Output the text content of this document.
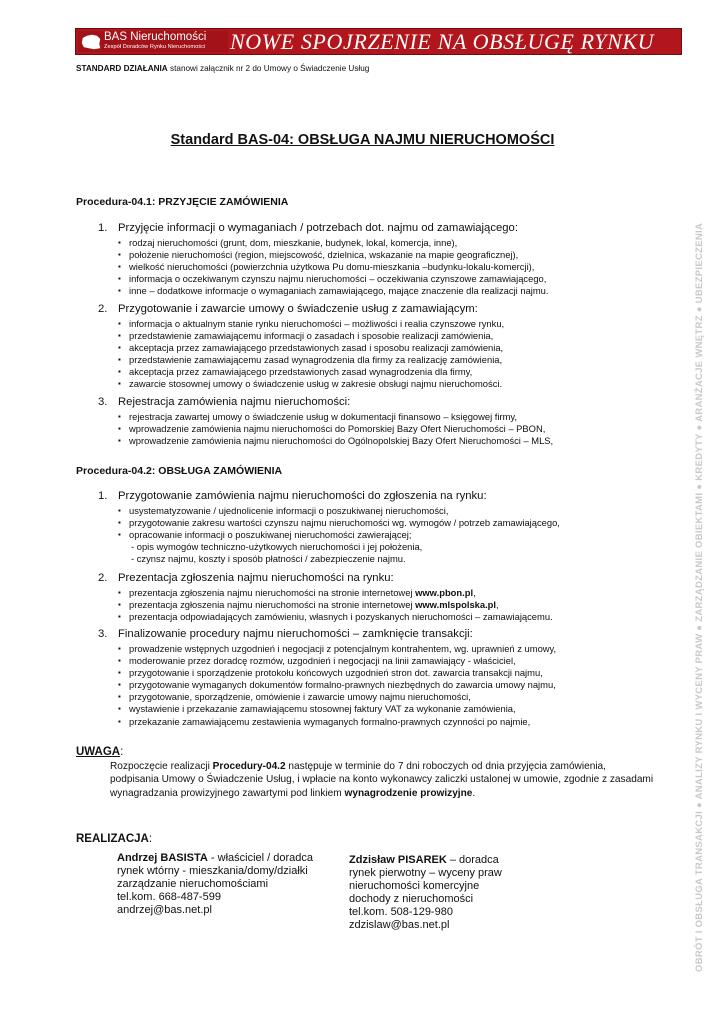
BAS Nieruchomości
Zespół Doradców Rynku Nieruchomości NOWE SPOJRZENIE NA OBSŁUGĘ RYNKU
STANDARD DZIAŁANIA stanowi załącznik nr 2 do Umowy o Świadczenie Usług
OBRÓT I OBSŁUGA TRANSAKCJI ● ANALIZY RYNKU I WYCENY PRAW ● ZARZĄDZANIE OBIEKTAMI ● KREDYTY ● ARANŻACJE WNĘTRZ ● UBEZPIECZENIA
Standard BAS-04: OBSŁUGA NAJMU NIERUCHOMOŚCI
Procedura-04.1: PRZYJĘCIE ZAMÓWIENIA
1. Przyjęcie informacji o wymaganiach / potrzebach dot. najmu od zamawiającego:
▪ rodzaj nieruchomości (grunt, dom, mieszkanie, budynek, lokal, komercja, inne),
▪ położenie nieruchomości (region, miejscowość, dzielnica, wskazanie na mapie geograficznej),
▪ wielkość nieruchomości (powierzchnia użytkowa Pu domu-mieszkania –budynku-lokalu-komercji),
▪ informacja o oczekiwanym czynszu najmu nieruchomości – oczekiwania czynszowe zamawiającego,
▪ inne – dodatkowe informacje o wymaganiach zamawiającego, mające znaczenie dla realizacji najmu.
2. Przygotowanie i zawarcie umowy o świadczenie usług z zamawiającym:
▪ informacja o aktualnym stanie rynku nieruchomości – możliwości i realia czynszowe rynku,
▪ przedstawienie zamawiającemu informacji o zasadach i sposobie realizacji zamówienia,
▪ akceptacja przez zamawiającego przedstawionych zasad i sposobu realizacji zamówienia,
▪ przedstawienie zamawiającemu zasad wynagrodzenia dla firmy za realizację zamówienia,
▪ akceptacja przez zamawiającego przedstawionych zasad wynagrodzenia dla firmy,
▪ zawarcie stosownej umowy o świadczenie usług w zakresie obsługi najmu nieruchomości.
3. Rejestracja zamówienia najmu nieruchomości:
▪ rejestracja zawartej umowy o świadczenie usług w dokumentacji finansowo – księgowej firmy,
▪ wprowadzenie zamówienia najmu nieruchomości do Pomorskiej Bazy Ofert Nieruchomości – PBON,
▪ wprowadzenie zamówienia najmu nieruchomości do Ogólnopolskiej Bazy Ofert Nieruchomości – MLS,
Procedura-04.2: OBSŁUGA ZAMÓWIENIA
1. Przygotowanie zamówienia najmu nieruchomości do zgłoszenia na rynku:
▪ usystematyzowanie / ujednolicenie informacji o poszukiwanej nieruchomości,
▪ przygotowanie zakresu wartości czynszu najmu nieruchomości wg. wymogów / potrzeb zamawiającego,
▪ opracowanie informacji o poszukiwanej nieruchomości zawierającej;
- opis wymogów techniczno-użytkowych nieruchomości i jej położenia,
- czynsz najmu, koszty i sposób płatności / zabezpieczenie najmu.
2. Prezentacja zgłoszenia najmu nieruchomości na rynku:
▪ prezentacja zgłoszenia najmu nieruchomości na stronie internetowej www.pbon.pl,
▪ prezentacja zgłoszenia najmu nieruchomości na stronie internetowej www.mlspolska.pl,
▪ prezentacja odpowiadających zamówieniu, własnych i pozyskanych nieruchomości – zamawiającemu.
3. Finalizowanie procedury najmu nieruchomości – zamknięcie transakcji:
▪ prowadzenie wstępnych uzgodnień i negocjacji z potencjalnym kontrahentem, wg. uprawnień z umowy,
▪ moderowanie przez doradcę rozmów, uzgodnień i negocjacji na linii zamawiający - właściciel,
▪ przygotowanie i sporządzenie protokołu końcowych uzgodnień stron dot. zawarcia transakcji najmu,
▪ przygotowanie wymaganych dokumentów formalno-prawnych niezbędnych do zawarcia umowy najmu,
▪ przygotowanie, sporządzenie, omówienie i zawarcie umowy najmu nieruchomości,
▪ wystawienie i przekazanie zamawiającemu stosownej faktury VAT za wykonanie zamówienia,
▪ przekazanie zamawiającemu zestawienia wymaganych formalno-prawnych czynności po najmie,
UWAGA:
Rozpoczęcie realizacji Procedury-04.2 następuje w terminie do 7 dni roboczych od dnia przyjęcia zamówienia, podpisania Umowy o Świadczenie Usług, i wpłacie na konto wykonawcy zaliczki ustalonej w umowie, zgodnie z zasadami wynagradzania prowizyjnego zawartymi pod linkiem wynagrodzenie prowizyjne.
REALIZACJA:
Andrzej BASISTA - właściciel / doradca
rynek wtórny - mieszkania/domy/działki
zarządzanie nieruchomościami
tel.kom. 668-487-599
andrzej@bas.net.pl
Zdzisław PISAREK – doradca
rynek pierwotny – wyceny praw
nieruchomości komercyjne
dochody z nieruchomości
tel.kom. 508-129-980
zdzislaw@bas.net.pl
